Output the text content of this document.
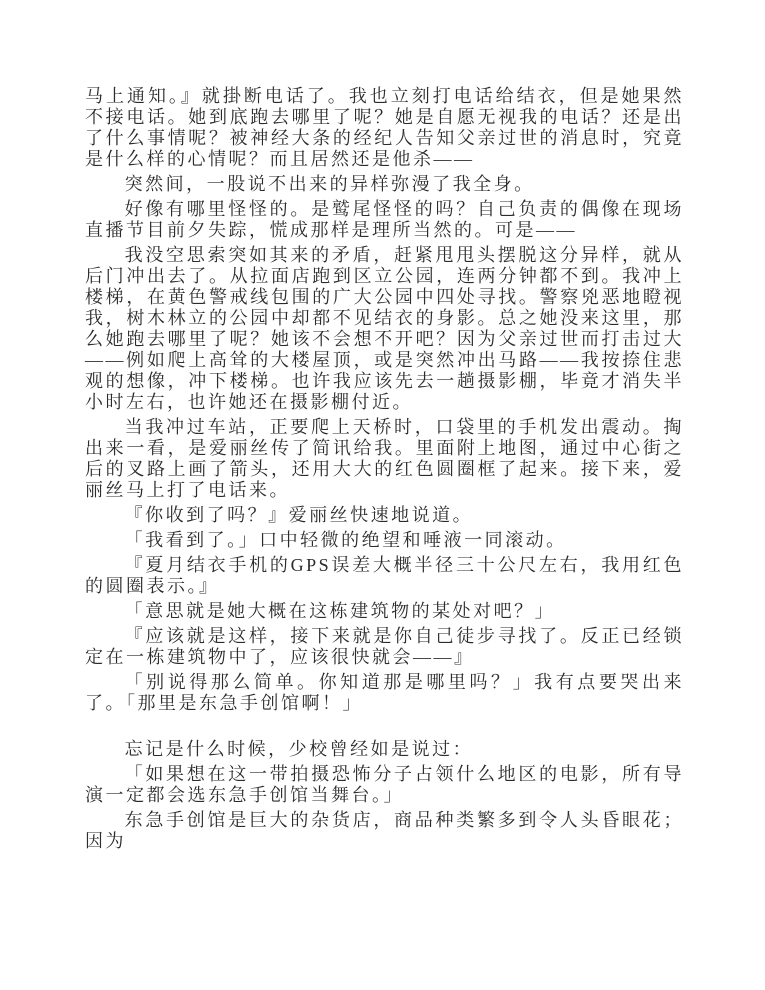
马上通知。』就掛断电话了。我也立刻打电话给结衣，但是她果然不接电话。她到底跑去哪里了呢？她是自愿无视我的电话？还是出了什么事情呢？被神经大条的经纪人告知父亲过世的消息时，究竟是什么样的心情呢？而且居然还是他杀——

突然间，一股说不出来的异样弥漫了我全身。

好像有哪里怪怪的。是鹫尾怪怪的吗？自己负责的偶像在现场直播节目前夕失踪，慌成那样是理所当然的。可是——

我没空思索突如其来的矛盾，赶紧甩甩头摆脱这分异样，就从后门冲出去了。从拉面店跑到区立公园，连两分钟都不到。我冲上楼梯，在黄色警戒线包围的广大公园中四处寻找。警察兇恶地瞪视我，树木林立的公园中却都不见结衣的身影。总之她没来这里，那么她跑去哪里了呢？她该不会想不开吧？因为父亲过世而打击过大——例如爬上高耸的大楼屋顶，或是突然冲出马路——我按捺住悲观的想像，冲下楼梯。也许我应该先去一趟摄影棚，毕竟才消失半小时左右，也许她还在摄影棚付近。

当我冲过车站，正要爬上天桥时，口袋里的手机发出震动。掏出来一看，是爱丽丝传了简讯给我。里面附上地图，通过中心街之后的叉路上画了箭头，还用大大的红色圆圈框了起来。接下来，爱丽丝马上打了电话来。

『你收到了吗？』爱丽丝快速地说道。

「我看到了。」口中轻微的绝望和唾液一同滚动。

『夏月结衣手机的GPS误差大概半径三十公尺左右，我用红色的圆圈表示。』

「意思就是她大概在这栋建筑物的某处对吧？」

『应该就是这样，接下来就是你自己徒步寻找了。反正已经锁定在一栋建筑物中了，应该很快就会——』

「别说得那么简单。你知道那是哪里吗？」我有点要哭出来了。「那里是东急手创馆啊！」

忘记是什么时候，少校曾经如是说过：

「如果想在这一带拍摄恐怖分子占领什么地区的电影，所有导演一定都会选东急手创馆当舞台。」

东急手创馆是巨大的杂货店，商品种类繁多到令人头昏眼花；因为
